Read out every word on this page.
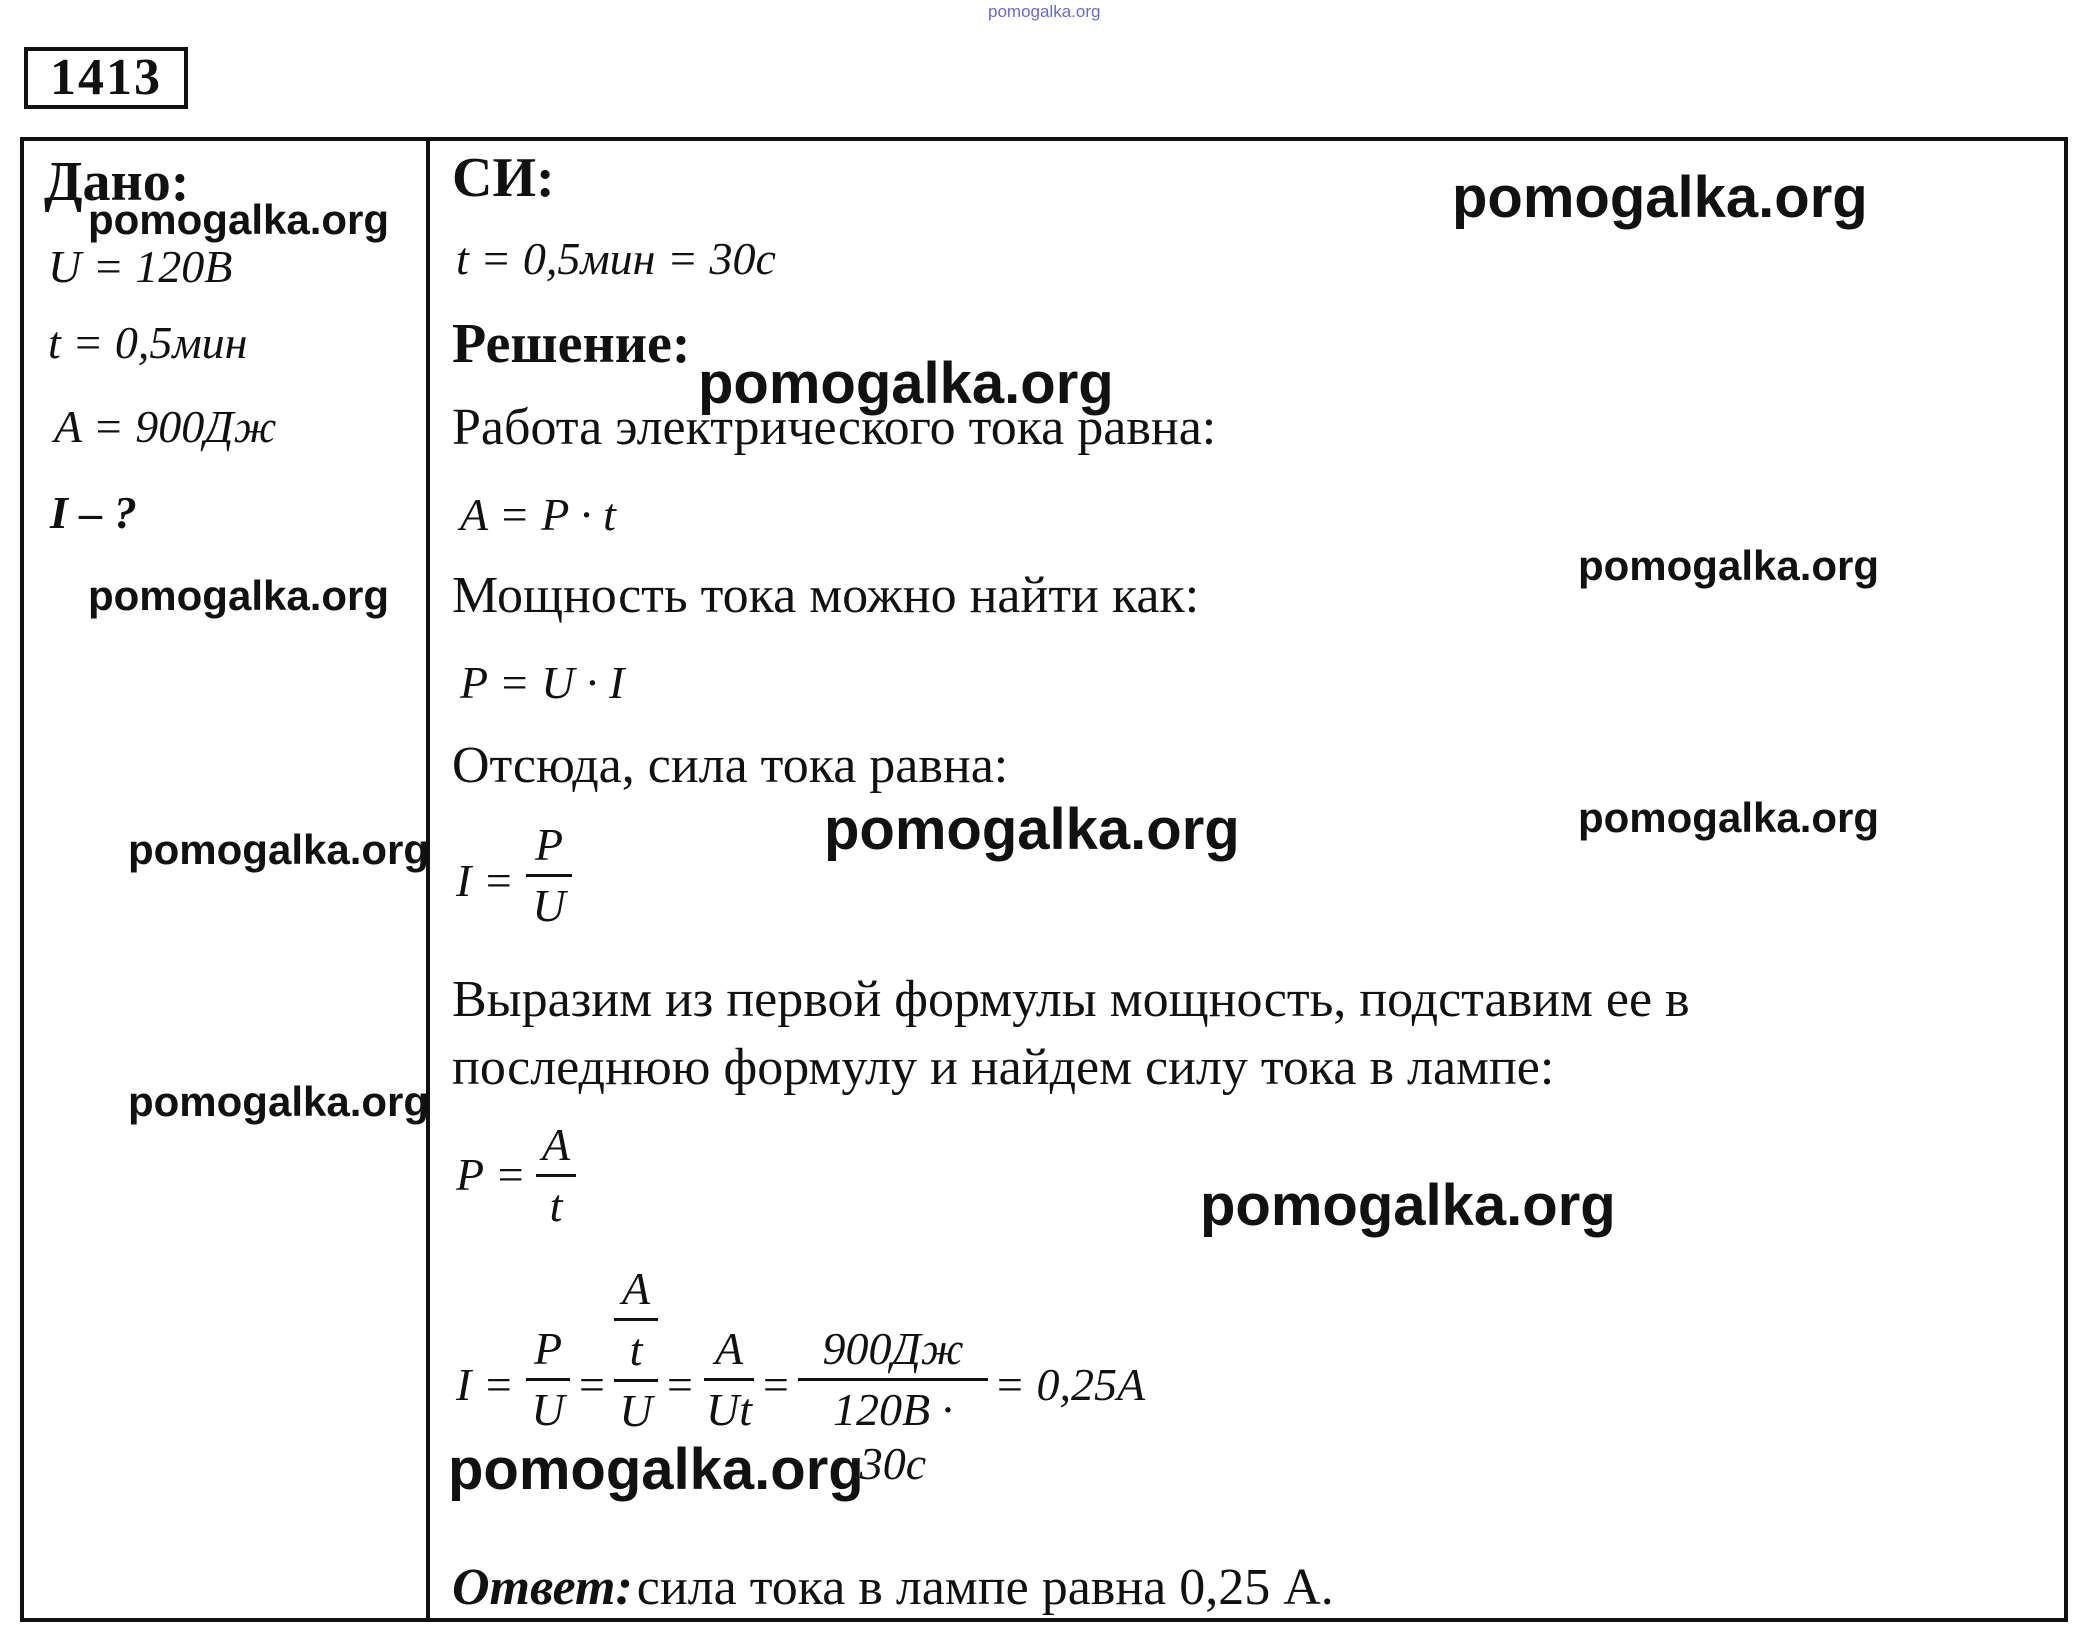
pomogalka.org
1413
Дано:
U = 120B
t = 0,5мин
A = 900Дж
I – ?
СИ:
t = 0,5мин = 30c
Решение:
Работа электрического тока равна:
A = P · t
Мощность тока можно найти как:
P = U · I
Отсюда, сила тока равна:
I =
P
U
Выразим из первой формулы мощность, подставим ее в
последнюю формулу и найдем силу тока в лампе:
P =
A
t
I =
P
U =
A
t
U
=
A
Ut =
900Дж
120B · 30c
= 0,25A
Ответ: сила тока в лампе равна 0,25 А.
pomogalka.org
pomogalka.org
pomogalka.org
pomogalka.org
pomogalka.org
pomogalka.org
pomogalka.org
pomogalka.org	pomogalka.org
pomogalka.org
pomogalka.org
